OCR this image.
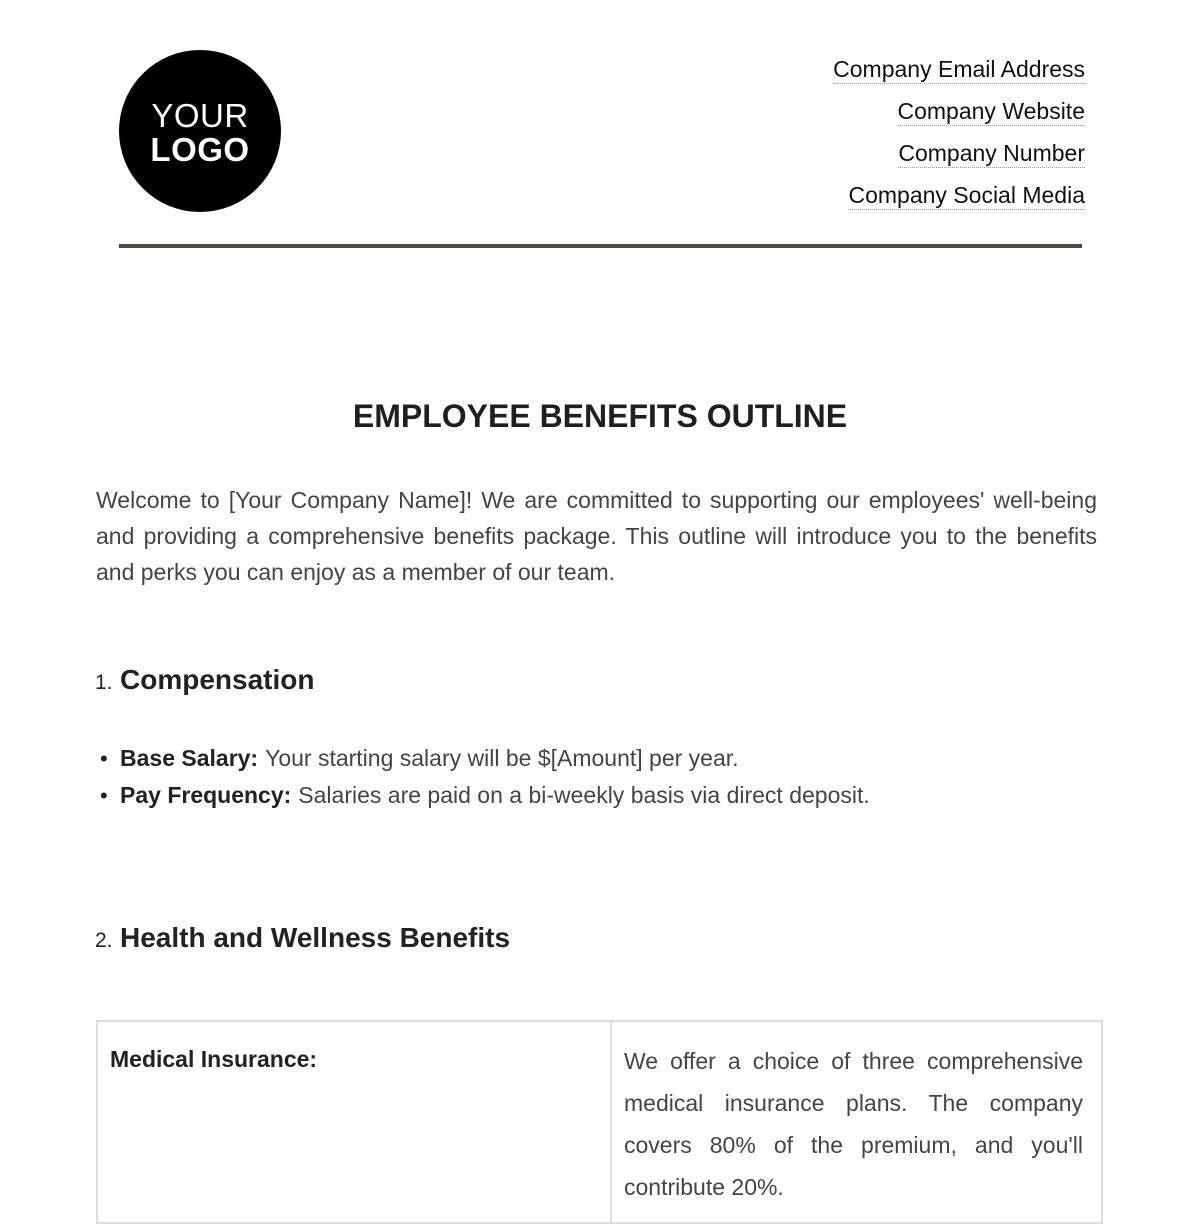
YOUR
LOGO
Company Email Address
Company Website
Company Number
Company Social Media
EMPLOYEE BENEFITS OUTLINE

Welcome to [Your Company Name]! We are committed to supporting our employees' well-being and providing a comprehensive benefits package. This outline will introduce you to the benefits and perks you can enjoy as a member of our team.

1. Compensation
• Base Salary: Your starting salary will be $[Amount] per year.
• Pay Frequency: Salaries are paid on a bi-weekly basis via direct deposit.
2. Health and Wellness Benefits
Medical Insurance:	We offer a choice of three comprehensive medical insurance plans. The company covers 80% of the premium, and you'll contribute 20%.
